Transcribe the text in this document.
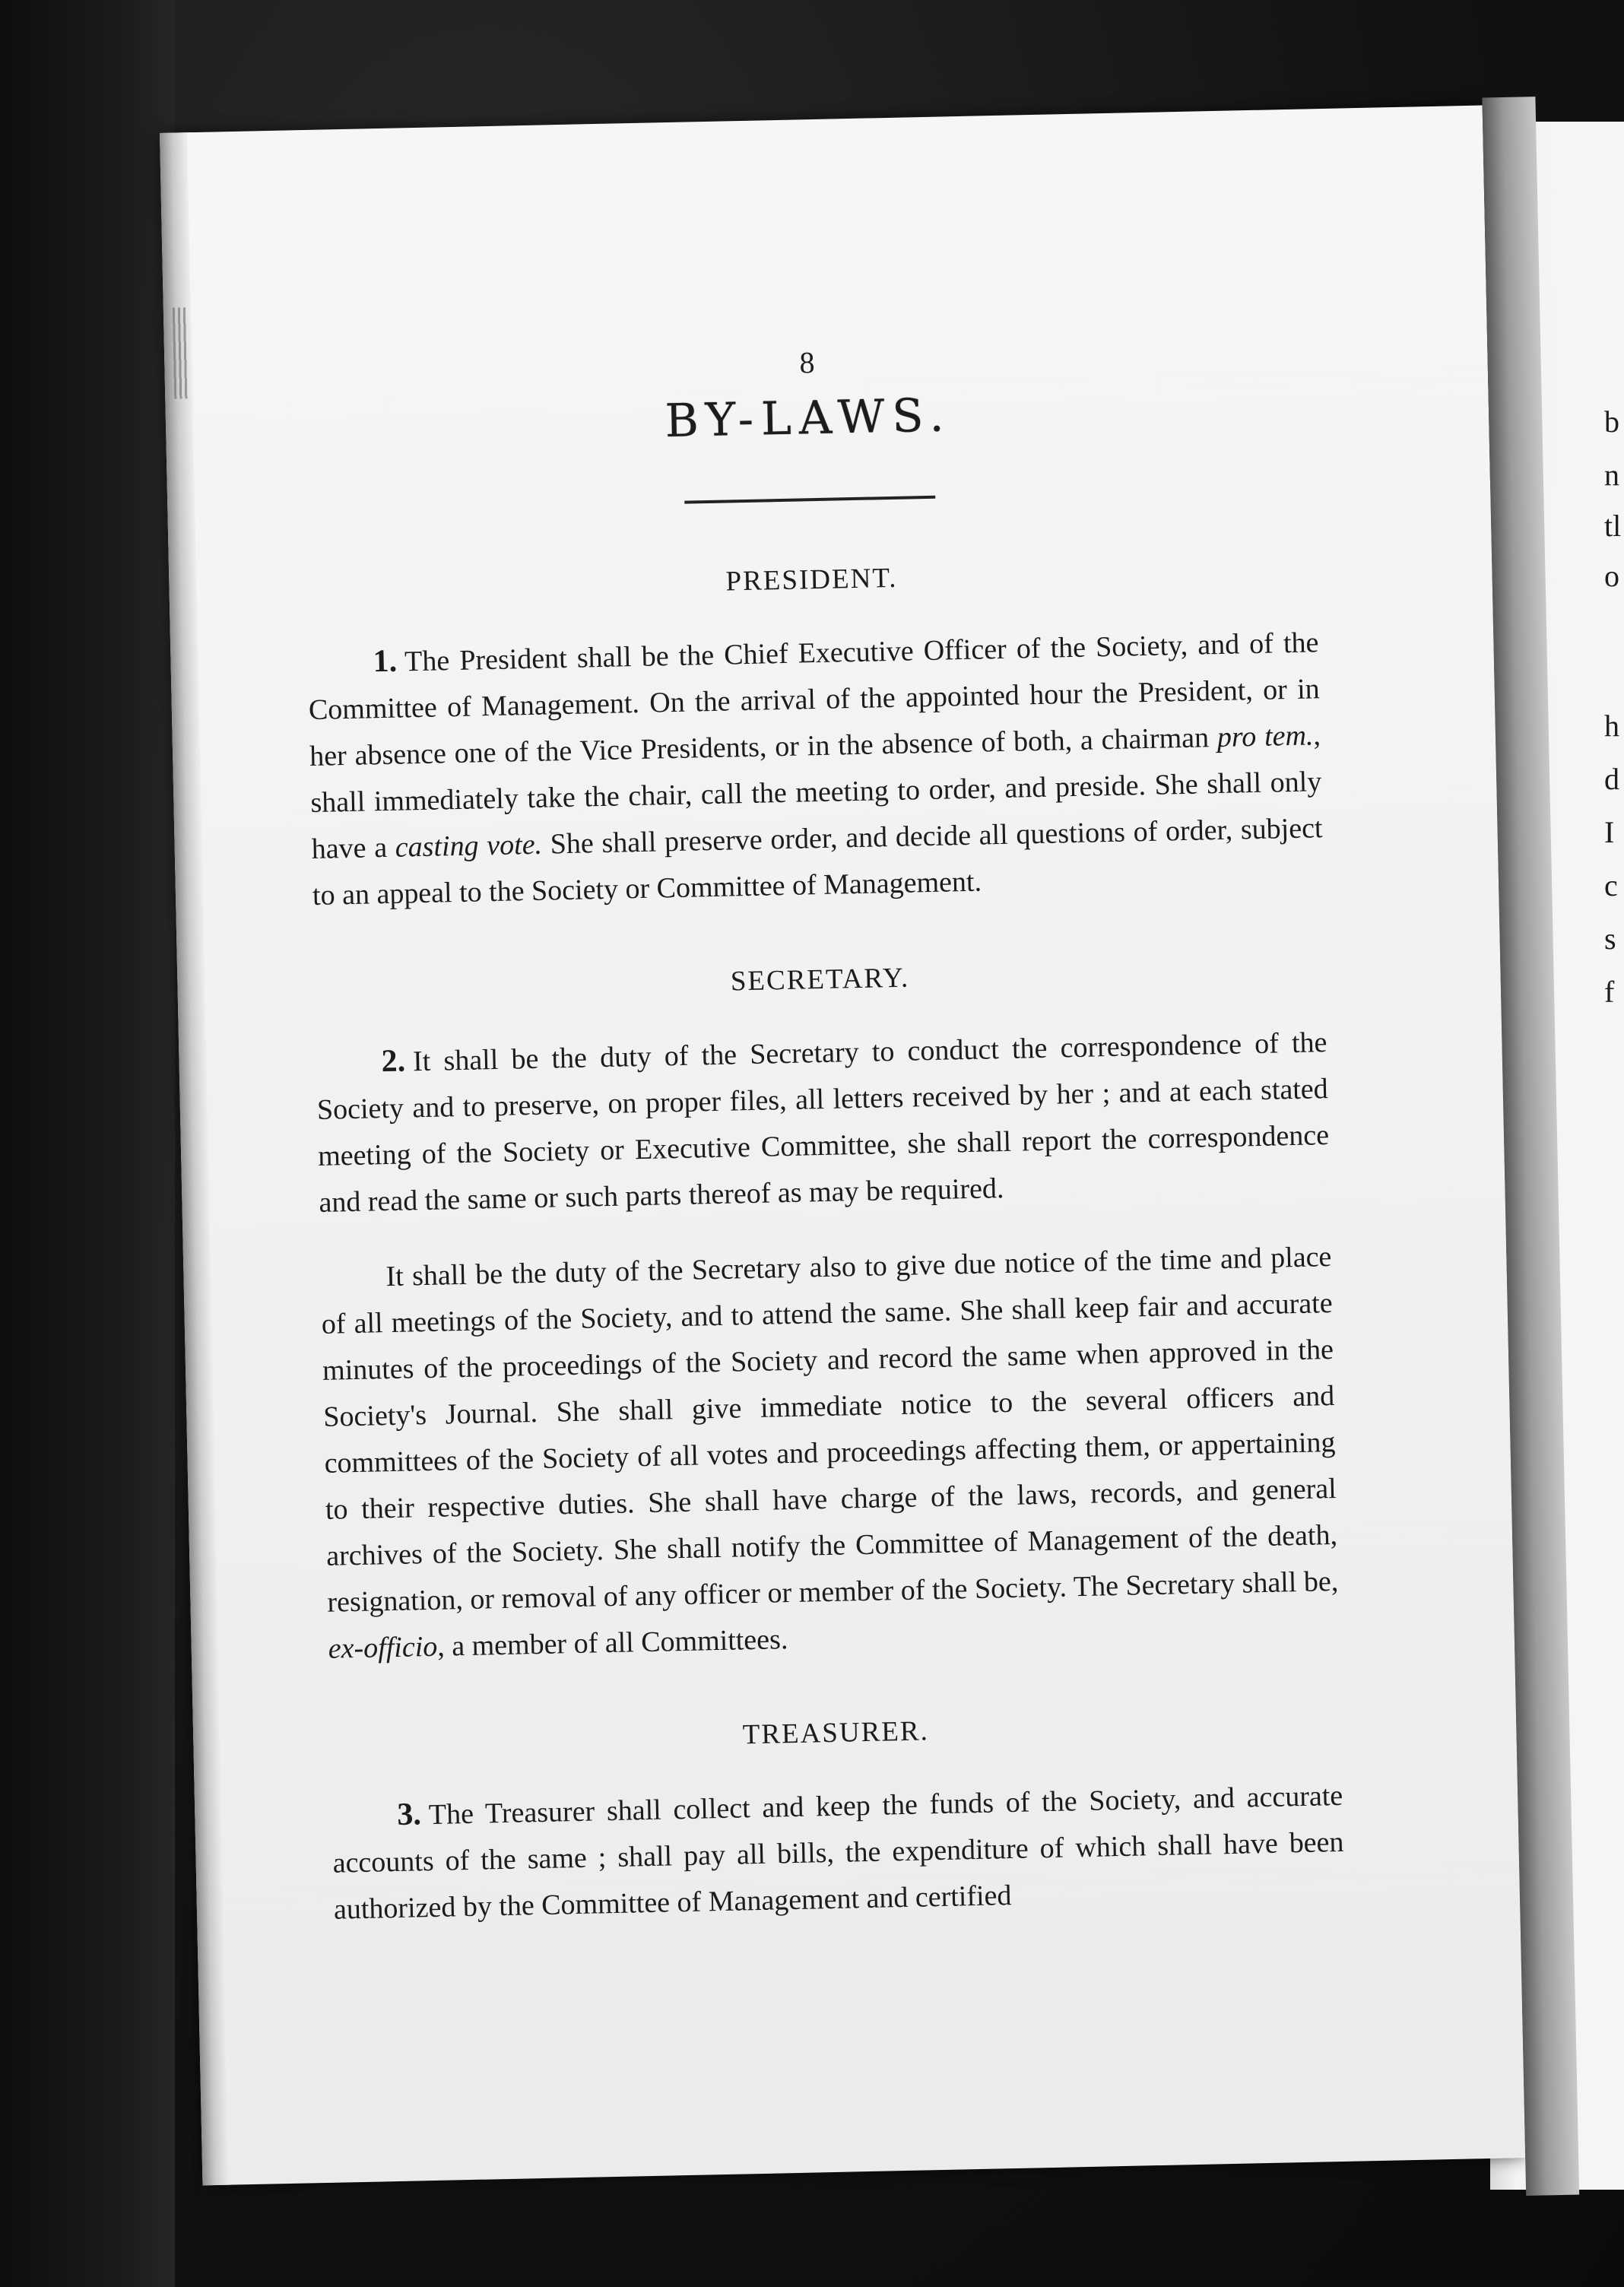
b
n
tl
o
h
d
I
c
s
f
8
BY-LAWS.
PRESIDENT.

1. The President shall be the Chief Executive Officer of the Society, and of the Committee of Management. On the arrival of the appointed hour the President, or in her absence one of the Vice Presidents, or in the absence of both, a chairman pro tem., shall immediately take the chair, call the meeting to order, and preside. She shall only have a casting vote. She shall preserve order, and decide all questions of order, subject to an appeal to the Society or Committee of Management.

SECRETARY.

2. It shall be the duty of the Secretary to conduct the correspondence of the Society and to preserve, on proper files, all letters received by her ; and at each stated meeting of the Society or Executive Committee, she shall report the correspondence and read the same or such parts thereof as may be required.

It shall be the duty of the Secretary also to give due notice of the time and place of all meetings of the Society, and to attend the same. She shall keep fair and accurate minutes of the proceedings of the Society and record the same when approved in the Society's Journal. She shall give immediate notice to the several officers and committees of the Society of all votes and proceedings affecting them, or appertaining to their respective duties. She shall have charge of the laws, records, and general archives of the Society. She shall notify the Committee of Management of the death, resignation, or removal of any officer or member of the Society. The Secretary shall be, ex-officio, a member of all Committees.

TREASURER.

3. The Treasurer shall collect and keep the funds of the Society, and accurate accounts of the same ; shall pay all bills, the expenditure of which shall have been authorized by the Committee of Management and certified
